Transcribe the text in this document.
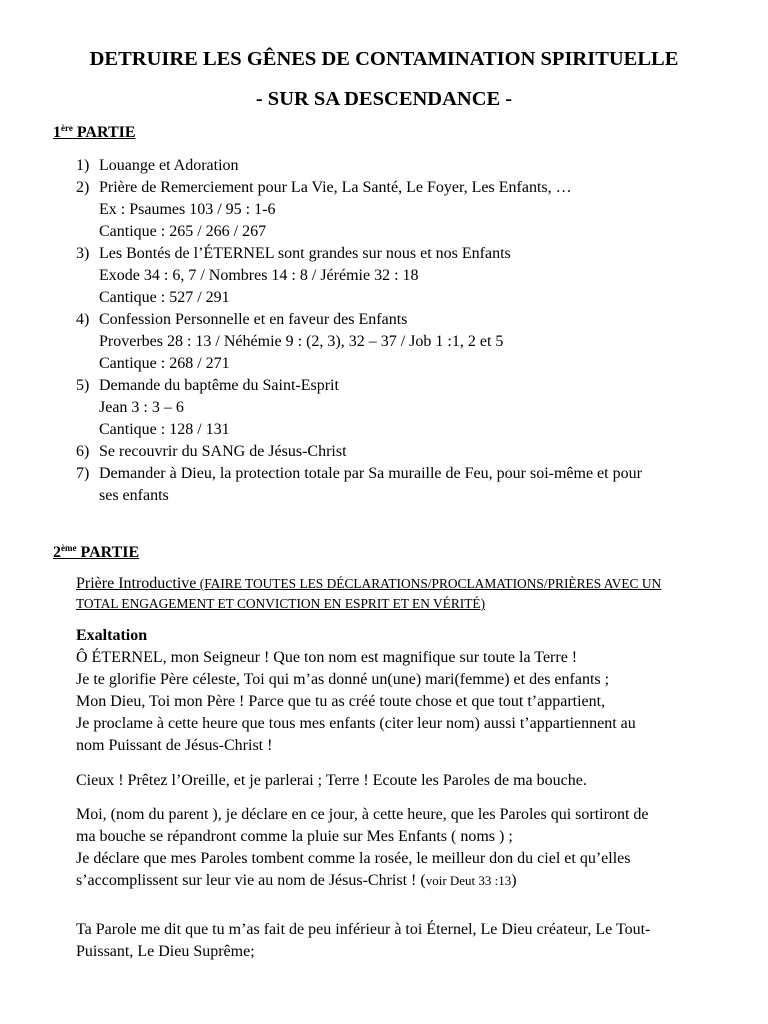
DETRUIRE LES GÊNES DE CONTAMINATION SPIRITUELLE
- SUR SA DESCENDANCE -

1ère PARTIE

1) Louange et Adoration
2) Prière de Remerciement pour La Vie, La Santé, Le Foyer, Les Enfants, …
Ex : Psaumes 103 / 95 : 1-6
Cantique : 265 / 266 / 267
3) Les Bontés de l’ÉTERNEL sont grandes sur nous et nos Enfants
Exode 34 : 6, 7 / Nombres 14 : 8 / Jérémie 32 : 18
Cantique : 527 / 291
4) Confession Personnelle et en faveur des Enfants
Proverbes 28 : 13 / Néhémie 9 : (2, 3), 32 – 37 / Job 1 :1, 2 et 5
Cantique : 268 / 271
5) Demande du baptême du Saint-Esprit
Jean 3 : 3 – 6
Cantique : 128 / 131
6) Se recouvrir du SANG de Jésus-Christ
7) Demander à Dieu, la protection totale par Sa muraille de Feu, pour soi-même et pour
ses enfants

2ème PARTIE

Prière Introductive (FAIRE TOUTES LES DÉCLARATIONS/PROCLAMATIONS/PRIÈRES AVEC UN
TOTAL ENGAGEMENT ET CONVICTION EN ESPRIT ET EN VÉRITÉ)

Exaltation

Ô ÉTERNEL, mon Seigneur ! Que ton nom est magnifique sur toute la Terre !
Je te glorifie Père céleste, Toi qui m’as donné un(une) mari(femme) et des enfants ;
Mon Dieu, Toi mon Père ! Parce que tu as créé toute chose et que tout t’appartient,
Je proclame à cette heure que tous mes enfants (citer leur nom) aussi t’appartiennent au
nom Puissant de Jésus-Christ !

Cieux ! Prêtez l’Oreille, et je parlerai ; Terre ! Ecoute les Paroles de ma bouche.

Moi, (nom du parent ), je déclare en ce jour, à cette heure, que les Paroles qui sortiront de
ma bouche se répandront comme la pluie sur Mes Enfants ( noms ) ;
Je déclare que mes Paroles tombent comme la rosée, le meilleur don du ciel et qu’elles
s’accomplissent sur leur vie au nom de Jésus-Christ ! (voir Deut 33 :13)

Ta Parole me dit que tu m’as fait de peu inférieur à toi Éternel, Le Dieu créateur, Le Tout-
Puissant, Le Dieu Suprême;
